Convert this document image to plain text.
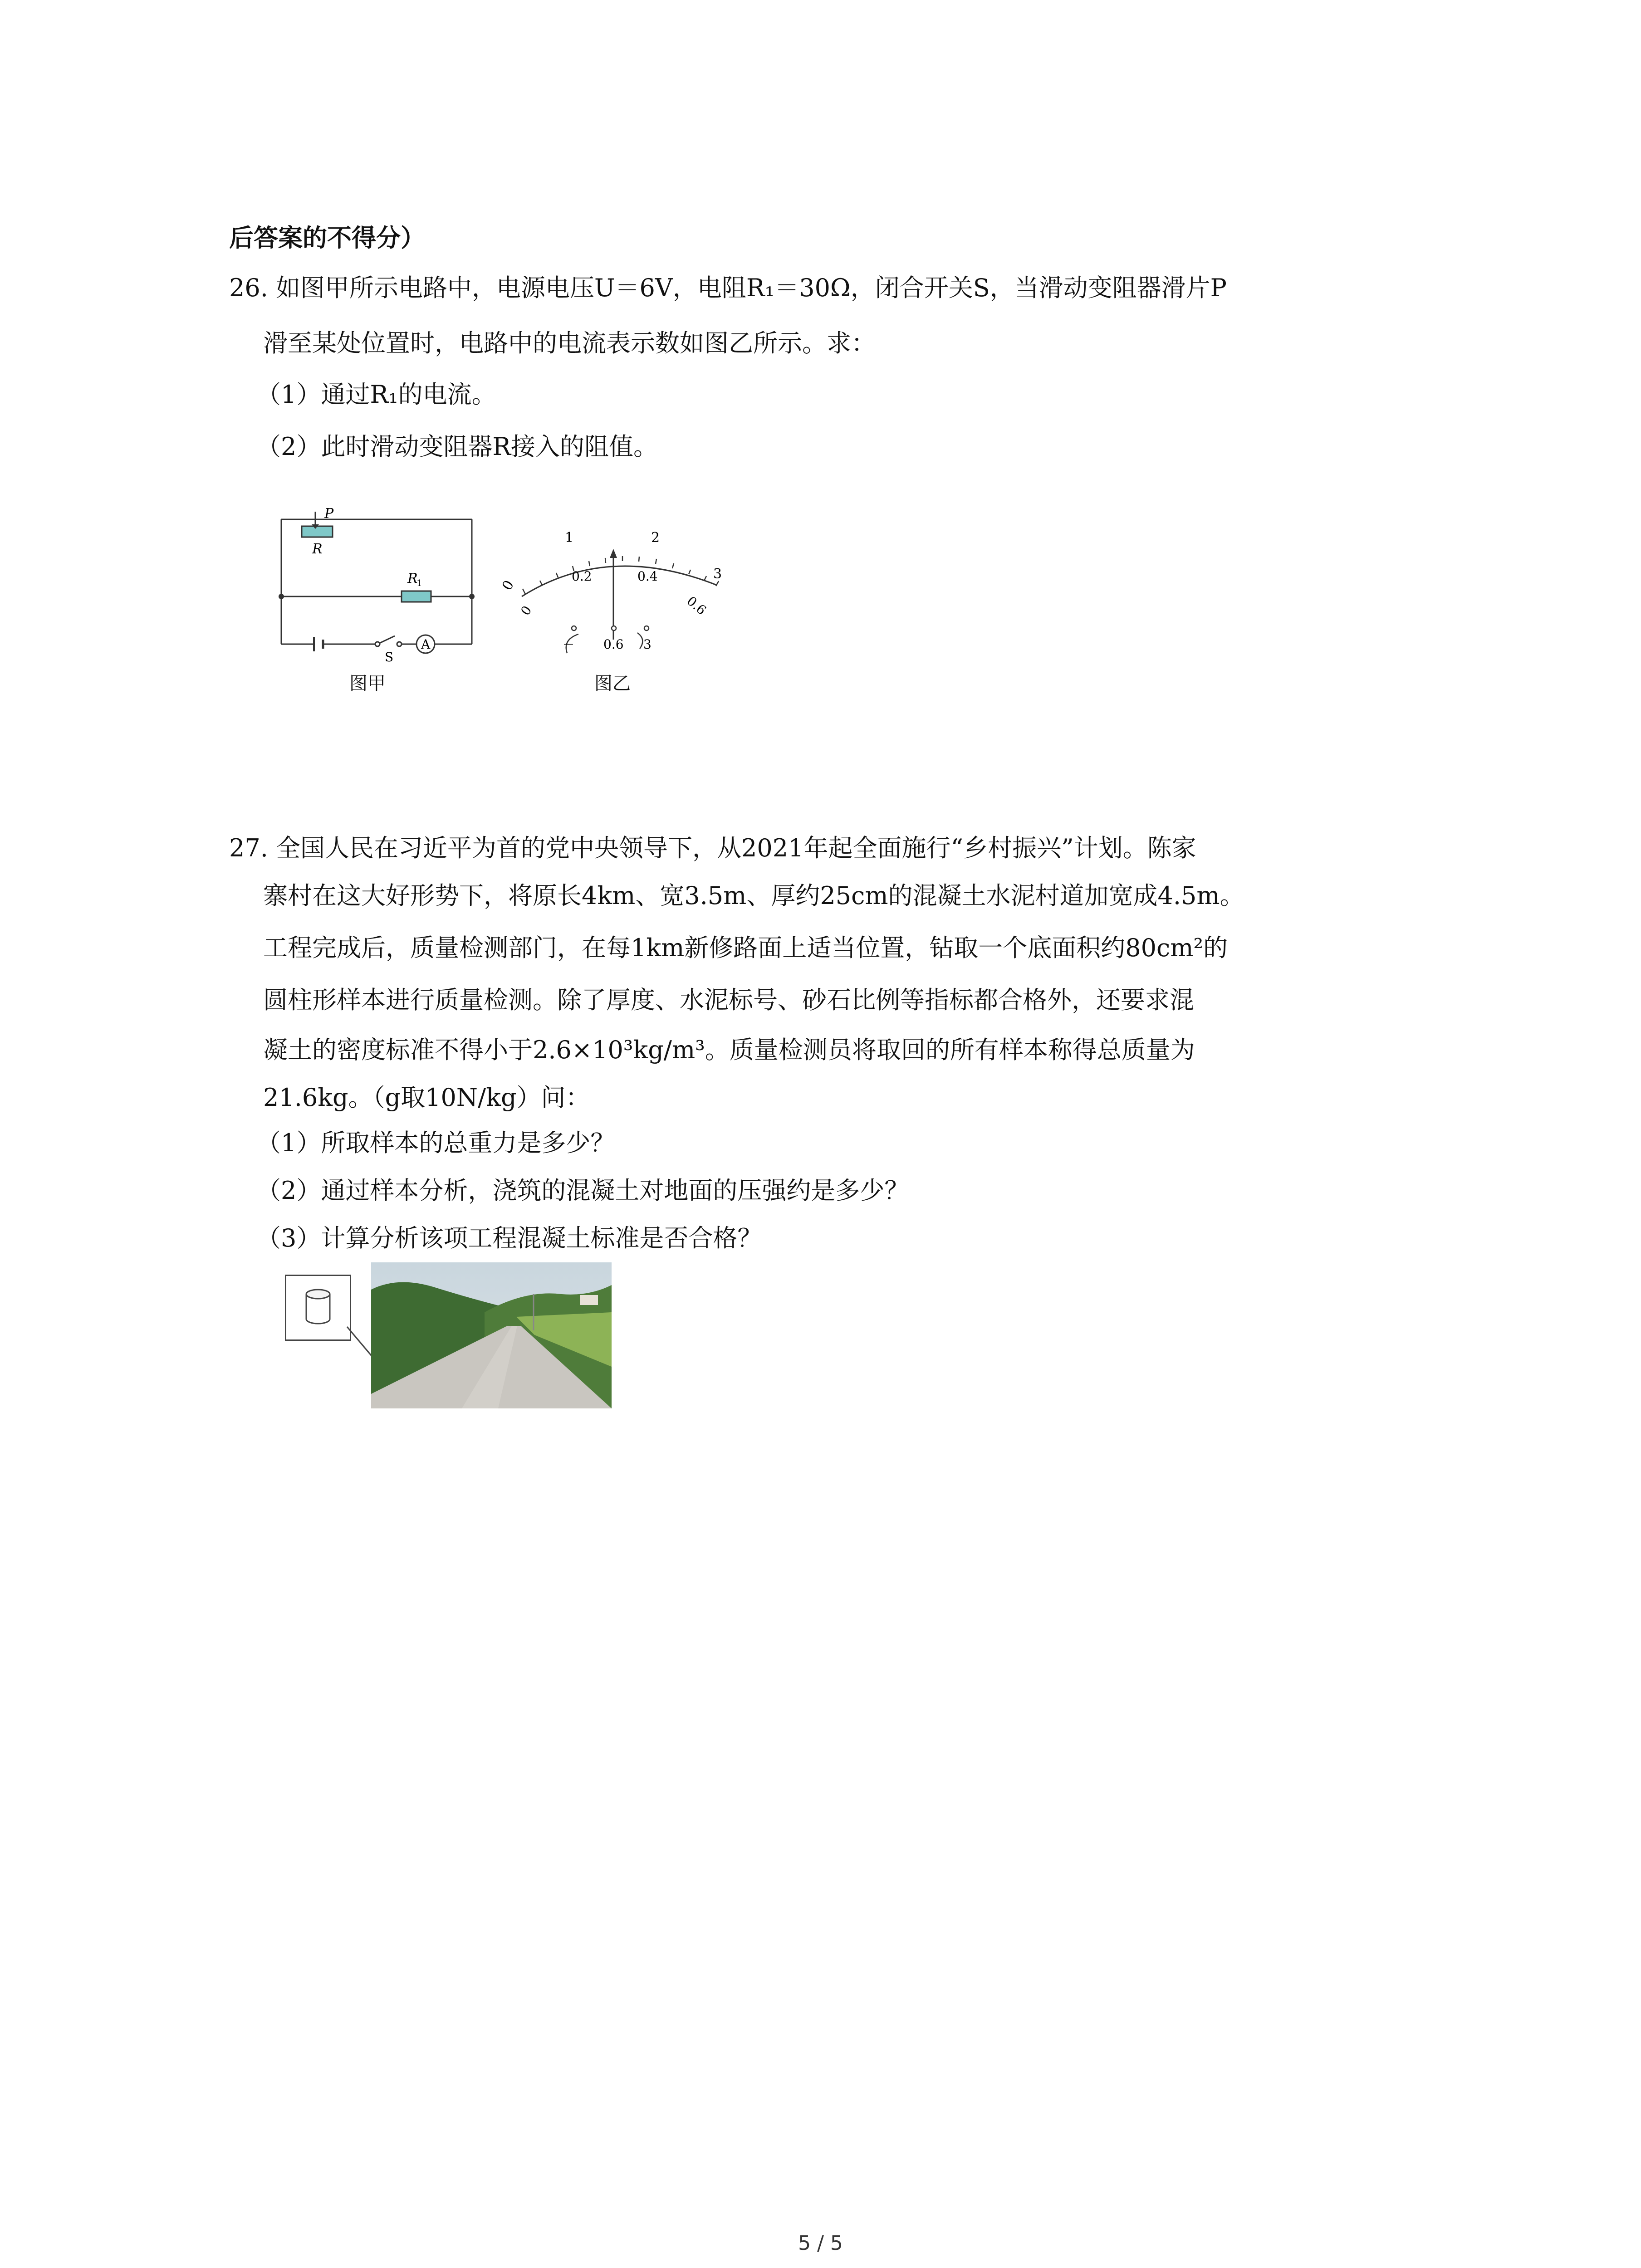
后答案的不得分）
26. 如图甲所示电路中，电源电压U＝6V，电阻R₁＝30Ω，闭合开关S，当滑动变阻器滑片P
滑至某处位置时，电路中的电流表示数如图乙所示。求：
（1）通过R₁的电流。
（2）此时滑动变阻器R接入的阻值。
P
R
R
1
S
A
图甲
0
1	2
3
0
0.2	0.4
0.6
－ 0.6 3
图乙
27. 全国人民在习近平为首的党中央领导下，从2021年起全面施行“乡村振兴”计划。陈家
寨村在这大好形势下，将原长4km、宽3.5m、厚约25cm的混凝土水泥村道加宽成4.5m。
工程完成后，质量检测部门，在每1km新修路面上适当位置，钻取一个底面积约80cm²的
圆柱形样本进行质量检测。除了厚度、水泥标号、砂石比例等指标都合格外，还要求混
凝土的密度标准不得小于2.6×10³kg/m³。质量检测员将取回的所有样本称得总质量为
21.6kg。（g取10N/kg）问：
（1）所取样本的总重力是多少？
（2）通过样本分析，浇筑的混凝土对地面的压强约是多少？
（3）计算分析该项工程混凝土标准是否合格？
5 / 5
